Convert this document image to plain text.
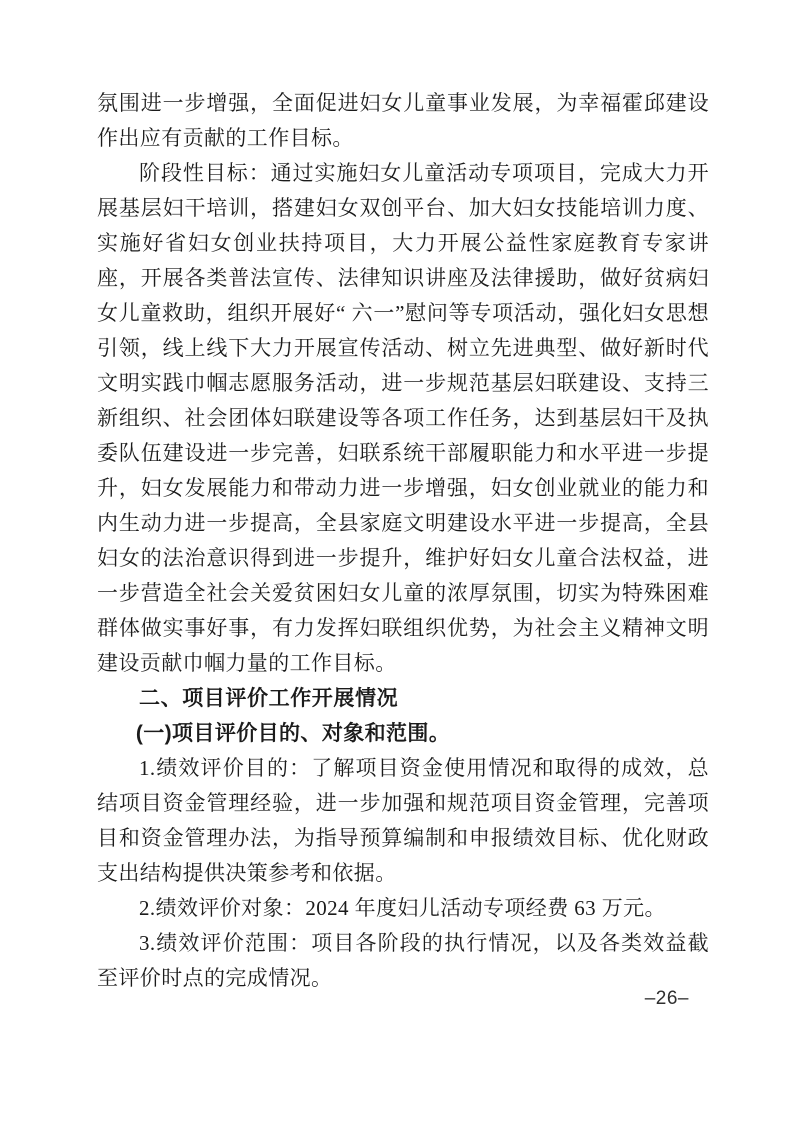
氛围进一步增强，全面促进妇女儿童事业发展，为幸福霍邱建设作出应有贡献的工作目标。

阶段性目标：通过实施妇女儿童活动专项项目，完成大力开展基层妇干培训，搭建妇女双创平台、加大妇女技能培训力度、实施好省妇女创业扶持项目，大力开展公益性家庭教育专家讲座，开展各类普法宣传、法律知识讲座及法律援助，做好贫病妇女儿童救助，组织开展好“ 六一”慰问等专项活动，强化妇女思想引领，线上线下大力开展宣传活动、树立先进典型、做好新时代文明实践巾帼志愿服务活动，进一步规范基层妇联建设、支持三新组织、社会团体妇联建设等各项工作任务，达到基层妇干及执委队伍建设进一步完善，妇联系统干部履职能力和水平进一步提升，妇女发展能力和带动力进一步增强，妇女创业就业的能力和内生动力进一步提高，全县家庭文明建设水平进一步提高，全县妇女的法治意识得到进一步提升，维护好妇女儿童合法权益，进一步营造全社会关爱贫困妇女儿童的浓厚氛围，切实为特殊困难群体做实事好事，有力发挥妇联组织优势，为社会主义精神文明建设贡献巾帼力量的工作目标。

二、项目评价工作开展情况
(一)项目评价目的、对象和范围。

1.绩效评价目的：了解项目资金使用情况和取得的成效，总结项目资金管理经验，进一步加强和规范项目资金管理，完善项目和资金管理办法，为指导预算编制和申报绩效目标、优化财政支出结构提供决策参考和依据。

2.绩效评价对象：2024 年度妇儿活动专项经费 63 万元。

3.绩效评价范围：项目各阶段的执行情况，以及各类效益截至评价时点的完成情况。

–26–
